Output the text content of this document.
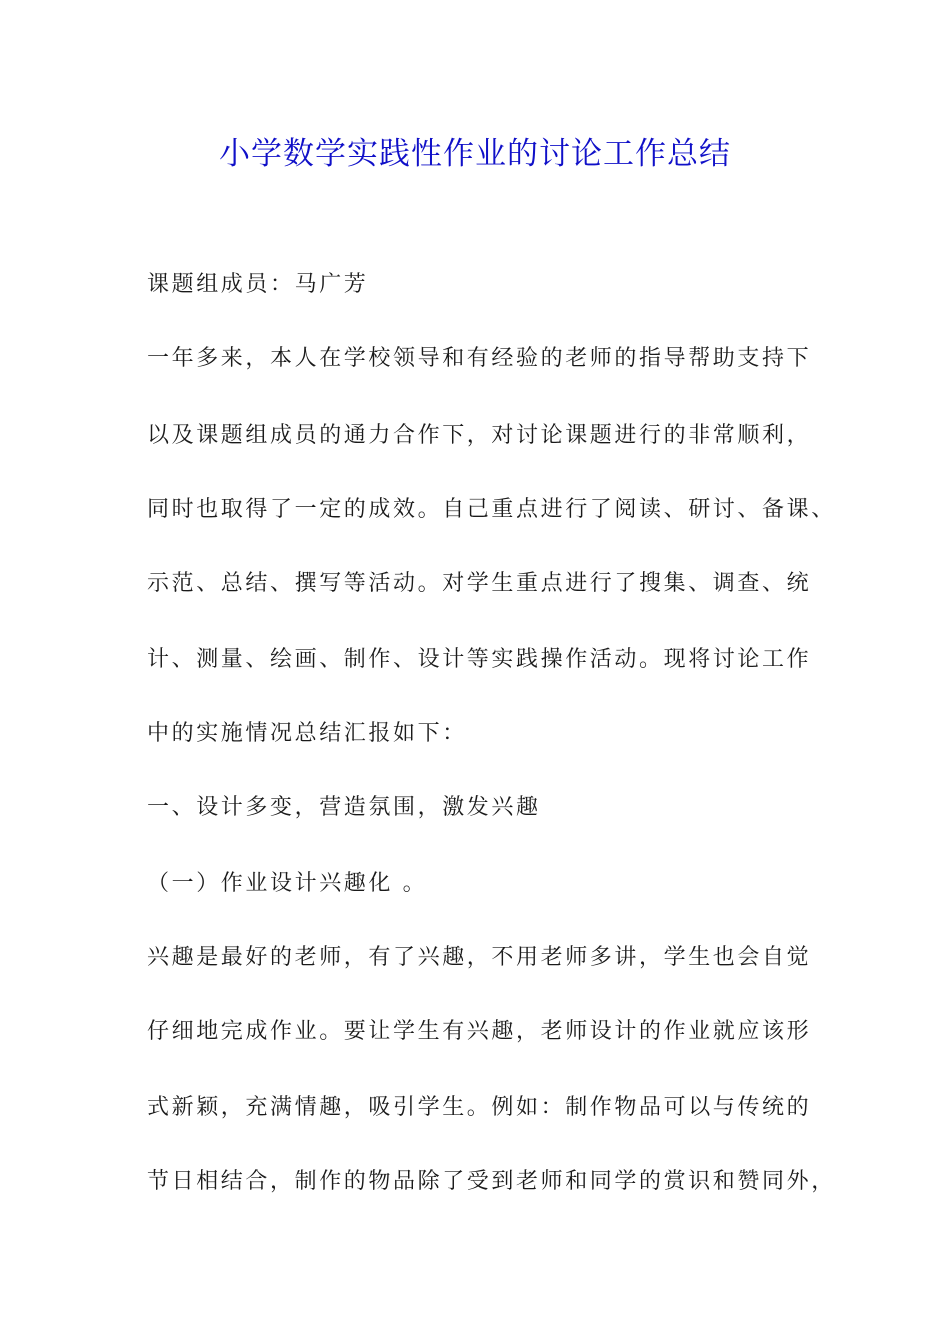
小学数学实践性作业的讨论工作总结

课题组成员：马广芳

一年多来，本人在学校领导和有经验的老师的指导帮助支持下

以及课题组成员的通力合作下，对讨论课题进行的非常顺利，

同时也取得了一定的成效。自己重点进行了阅读、研讨、备课、

示范、总结、撰写等活动。对学生重点进行了搜集、调查、统

计、测量、绘画、制作、设计等实践操作活动。现将讨论工作

中的实施情况总结汇报如下：

一、设计多变，营造氛围，激发兴趣

（一）作业设计兴趣化 。

兴趣是最好的老师，有了兴趣，不用老师多讲，学生也会自觉

仔细地完成作业。要让学生有兴趣，老师设计的作业就应该形

式新颖，充满情趣，吸引学生。例如：制作物品可以与传统的

节日相结合，制作的物品除了受到老师和同学的赏识和赞同外，
